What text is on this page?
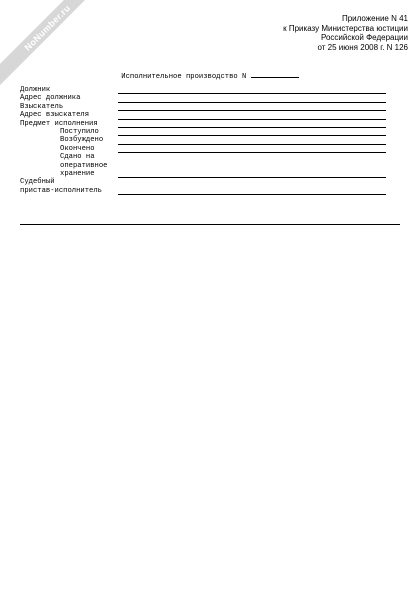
NoNumber.ru	Приложение N 41
к Приказу Министерства юстиции
Российской Федерации
от 25 июня 2008 г. N 126
Исполнительное производство N
Должник
Адрес должника
Взыскатель
Адрес взыскателя
Предмет исполнения
Поступило
Возбуждено
Окончено
Сдано на
оперативное
хранение
Судебный
пристав-исполнитель
